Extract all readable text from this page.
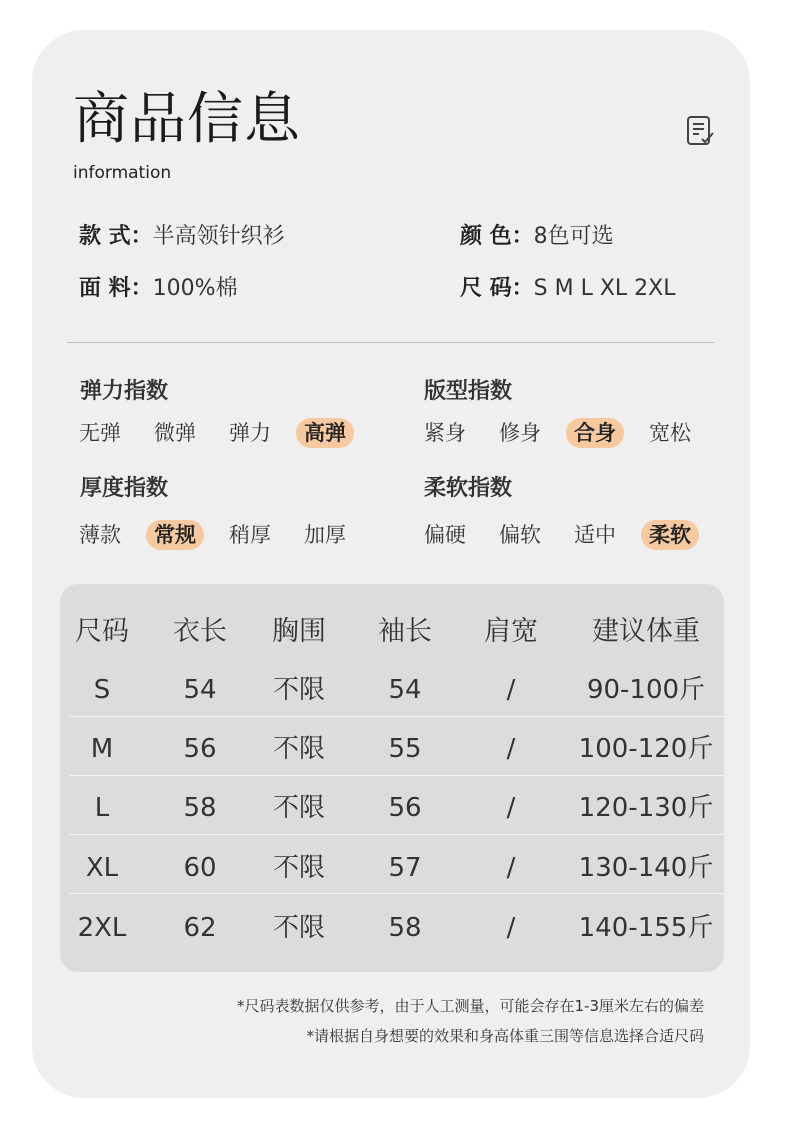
商品信息
information
款 式：半高领针织衫	颜 色：8色可选
面 料：100%棉	尺 码：S M L XL 2XL
弹力指数
无弹 微弹 弹力	高弹
版型指数
紧身 修身	合身	宽松
厚度指数
薄款	常规	稍厚 加厚
柔软指数
偏硬 偏软 适中	柔软
尺码 衣长 胸围 袖长 肩宽 建议体重
S	54 不限 54	/	90-100斤
M	56 不限 55	/ 100-120斤
L	58 不限 56	/ 120-130斤
XL	60 不限 57	/ 130-140斤
2XL 62 不限 58	/ 140-155斤
*尺码表数据仅供参考，由于人工测量，可能会存在1-3厘米左右的偏差
*请根据自身想要的效果和身高体重三围等信息选择合适尺码
